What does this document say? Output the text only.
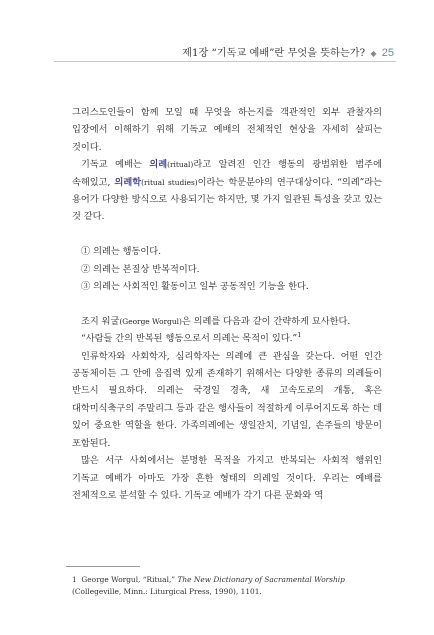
제1장 “기독교 예배”란 무엇을 뜻하는가? ◆ 25

그리스도인들이 함께 모일 때 무엇을 하는지를 객관적인 외부 관찰자의 입장에서 이해하기 위해 기독교 예배의 전체적인 현상을 자세히 살피는 것이다.

기독교 예배는 의례(ritual)라고 알려진 인간 행동의 광범위한 범주에 속해있고, 의례학(ritual studies)이라는 학문분야의 연구대상이다. “의례”라는 용어가 다양한 방식으로 사용되기는 하지만, 몇 가지 일관된 특성을 갖고 있는 것 같다.

① 의례는 행동이다.

② 의례는 본질상 반복적이다.

③ 의례는 사회적인 활동이고 일부 공동적인 기능을 한다.

조지 워굴(George Worgul)은 의례를 다음과 같이 간략하게 묘사한다.

“사람들 간의 반복된 행동으로서 의례는 목적이 있다.”$^1$

인류학자와 사회학자, 심리학자는 의례에 큰 관심을 갖는다. 어떤 인간 공동체이든 그 안에 응집력 있게 존재하기 위해서는 다양한 종류의 의례들이 반드시 필요하다. 의례는 국경일 경축, 새 고속도로의 개통, 혹은 대학미식축구의 주말리그 등과 같은 행사들이 적절하게 이루어지도록 하는 데 있어 중요한 역할을 한다. 가족의례에는 생일잔치, 기념일, 손주들의 방문이 포함된다.

많은 서구 사회에서는 분명한 목적을 가지고 반복되는 사회적 행위인 기독교 예배가 아마도 가장 흔한 형태의 의례일 것이다. 우리는 예배를 전체적으로 분석할 수 있다. 기독교 예배가 각기 다른 문화와 역

1 George Worgul, “Ritual,” The New Dictionary of Sacramental Worship (Collegeville, Minn.: Liturgical Press, 1990), 1101.
